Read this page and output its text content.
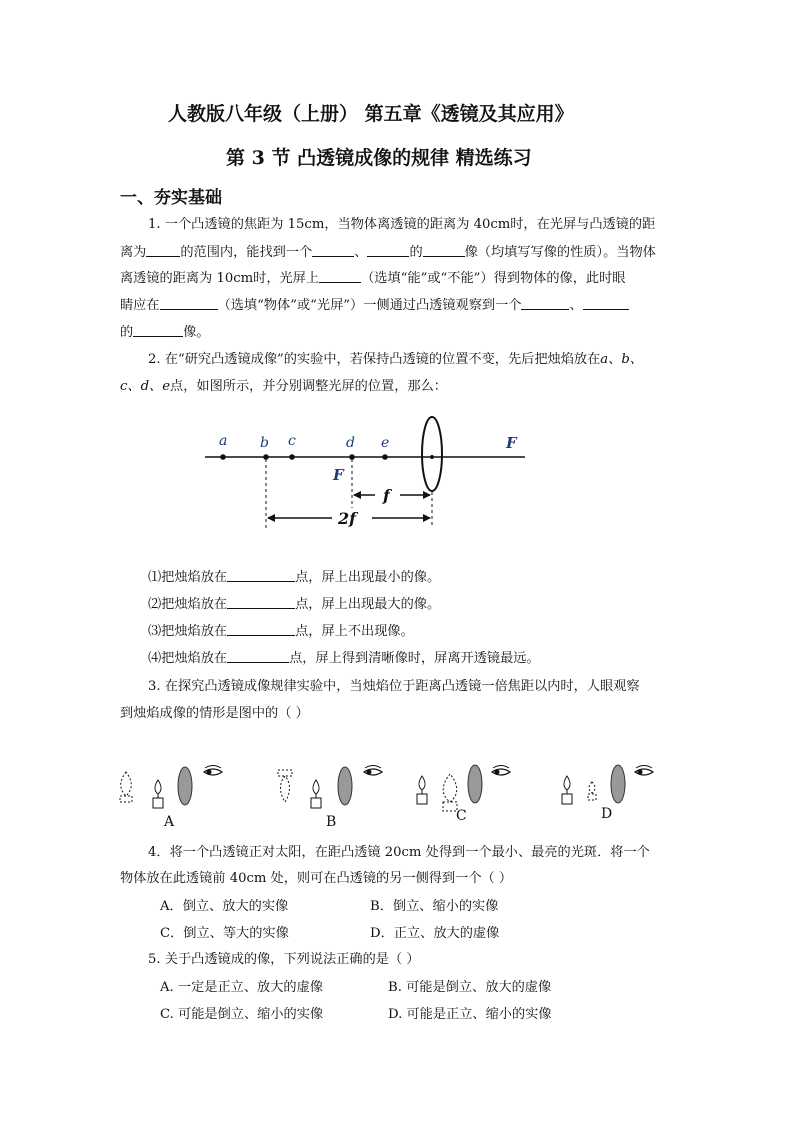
人教版八年级（上册） 第五章《透镜及其应用》
第 3 节 凸透镜成像的规律 精选练习
一、夯实基础
1. 一个凸透镜的焦距为 15cm，当物体离透镜的距离为 40cm时，在光屏与凸透镜的距
离为	的范围内，能找到一个	、	的	像（均填写写像的性质）。当物体
离透镜的距离为 10cm时，光屏上	（选填“能”或“不能”）得到物体的像，此时眼
睛应在	（选填“物体”或“光屏”）一侧通过凸透镜观察到一个	、
的	像。
2. 在“研究凸透镜成像”的实验中，若保持凸透镜的位置不变，先后把烛焰放在a、b、
c、d、e点，如图所示，并分别调整光屏的位置，那么：
a b c	d e	F
F
f
2f
⑴把烛焰放在	点，屏上出现最小的像。
⑵把烛焰放在	点，屏上出现最大的像。
⑶把烛焰放在	点，屏上不出现像。
⑷把烛焰放在	点，屏上得到清晰像时，屏离开透镜最远。
3. 在探究凸透镜成像规律实验中，当烛焰位于距离凸透镜一倍焦距以内时，人眼观察
到烛焰成像的情形是图中的（ ）
A	B	C	D
4．将一个凸透镜正对太阳，在距凸透镜 20cm 处得到一个最小、最亮的光斑．将一个
物体放在此透镜前 40cm 处，则可在凸透镜的另一侧得到一个（ ）
A．倒立、放大的实像	B．倒立、缩小的实像
C．倒立、等大的实像	D．正立、放大的虚像
5. 关于凸透镜成的像，下列说法正确的是（ ）
A. 一定是正立、放大的虚像	B. 可能是倒立、放大的虚像
C. 可能是倒立、缩小的实像	D. 可能是正立、缩小的实像
